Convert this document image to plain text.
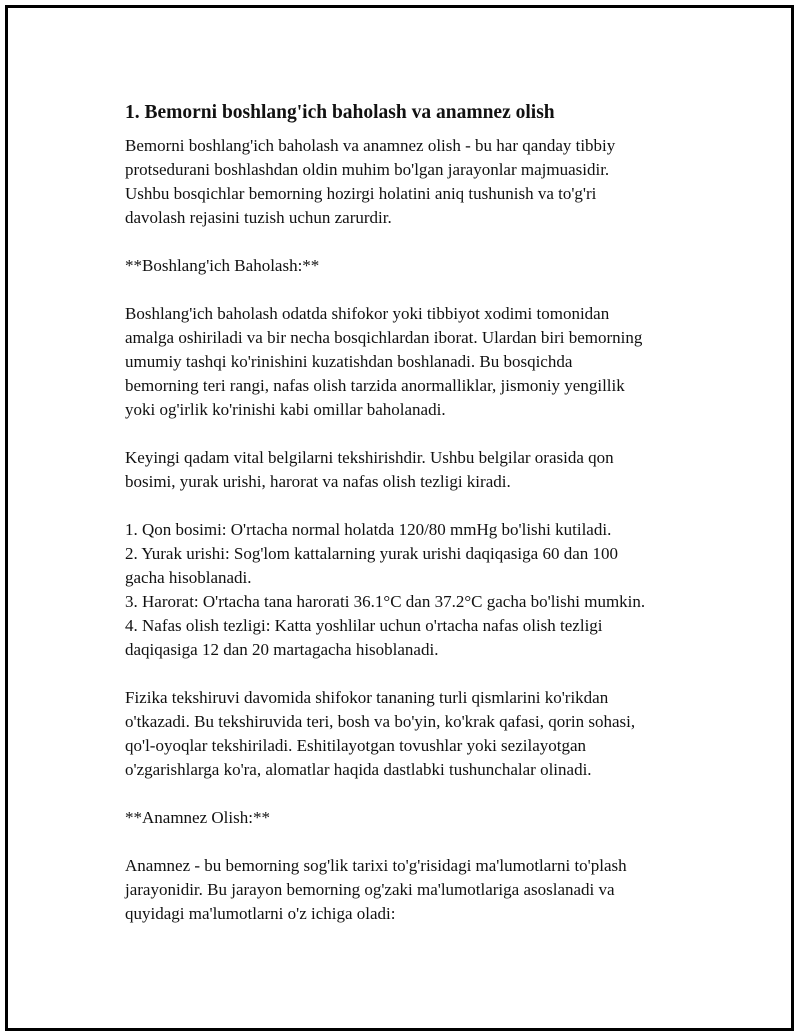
1. Bemorni boshlang'ich baholash va anamnez olish
Bemorni boshlang'ich baholash va anamnez olish - bu har qanday tibbiy
protsedurani boshlashdan oldin muhim bo'lgan jarayonlar majmuasidir.
Ushbu bosqichlar bemorning hozirgi holatini aniq tushunish va to'g'ri
davolash rejasini tuzish uchun zarurdir.
**Boshlang'ich Baholash:**
Boshlang'ich baholash odatda shifokor yoki tibbiyot xodimi tomonidan
amalga oshiriladi va bir necha bosqichlardan iborat. Ulardan biri bemorning
umumiy tashqi ko'rinishini kuzatishdan boshlanadi. Bu bosqichda
bemorning teri rangi, nafas olish tarzida anormalliklar, jismoniy yengillik
yoki og'irlik ko'rinishi kabi omillar baholanadi.
Keyingi qadam vital belgilarni tekshirishdir. Ushbu belgilar orasida qon
bosimi, yurak urishi, harorat va nafas olish tezligi kiradi.
1. Qon bosimi: O'rtacha normal holatda 120/80 mmHg bo'lishi kutiladi.
2. Yurak urishi: Sog'lom kattalarning yurak urishi daqiqasiga 60 dan 100
gacha hisoblanadi.
3. Harorat: O'rtacha tana harorati 36.1°C dan 37.2°C gacha bo'lishi mumkin.
4. Nafas olish tezligi: Katta yoshlilar uchun o'rtacha nafas olish tezligi
daqiqasiga 12 dan 20 martagacha hisoblanadi.
Fizika tekshiruvi davomida shifokor tananing turli qismlarini ko'rikdan
o'tkazadi. Bu tekshiruvida teri, bosh va bo'yin, ko'krak qafasi, qorin sohasi,
qo'l-oyoqlar tekshiriladi. Eshitilayotgan tovushlar yoki sezilayotgan
o'zgarishlarga ko'ra, alomatlar haqida dastlabki tushunchalar olinadi.
**Anamnez Olish:**
Anamnez - bu bemorning sog'lik tarixi to'g'risidagi ma'lumotlarni to'plash
jarayonidir. Bu jarayon bemorning og'zaki ma'lumotlariga asoslanadi va
quyidagi ma'lumotlarni o'z ichiga oladi:
